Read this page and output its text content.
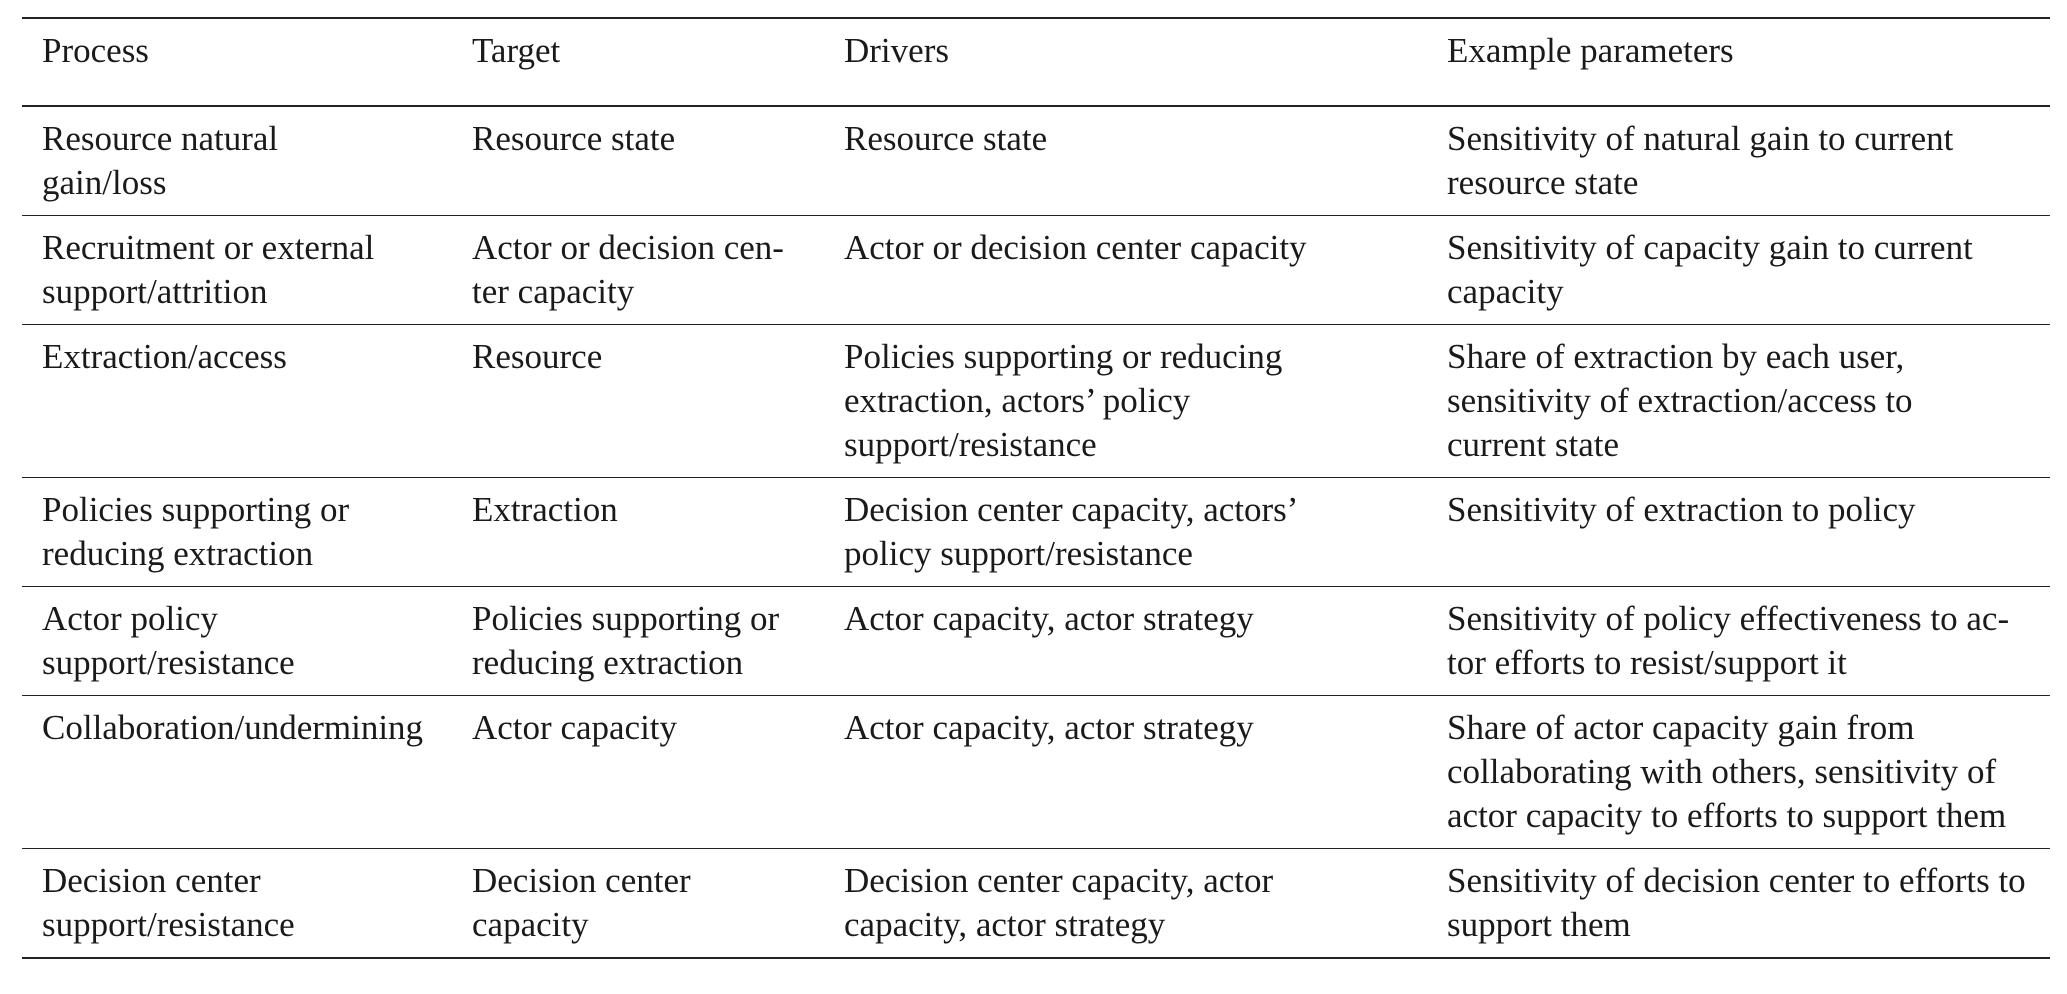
Process	Target	Drivers	Example parameters

Resource natural gain/loss	Resource state	Resource state	Sensitivity of natural gain to current resource state

Recruitment or external support/attrition	Actor or decision cen-ter capacity	Actor or decision center capacity	Sensitivity of capacity gain to current capacity

Extraction/access	Resource	Policies supporting or reducing extraction, actors’ policy support/resistance	Share of extraction by each user, sensitivity of extraction/access to current state

Policies supporting or reducing extraction	Extraction	Decision center capacity, actors’ policy support/resistance	Sensitivity of extraction to policy

Actor policy support/resistance	Policies supporting or reducing extraction	Actor capacity, actor strategy	Sensitivity of policy effectiveness to ac-tor efforts to resist/support it

Collaboration/undermining	Actor capacity	Actor capacity, actor strategy	Share of actor capacity gain from collaborating with others, sensitivity of actor capacity to efforts to support them

Decision center support/resistance	Decision center capacity	Decision center capacity, actor capacity, actor strategy	Sensitivity of decision center to efforts to support them
